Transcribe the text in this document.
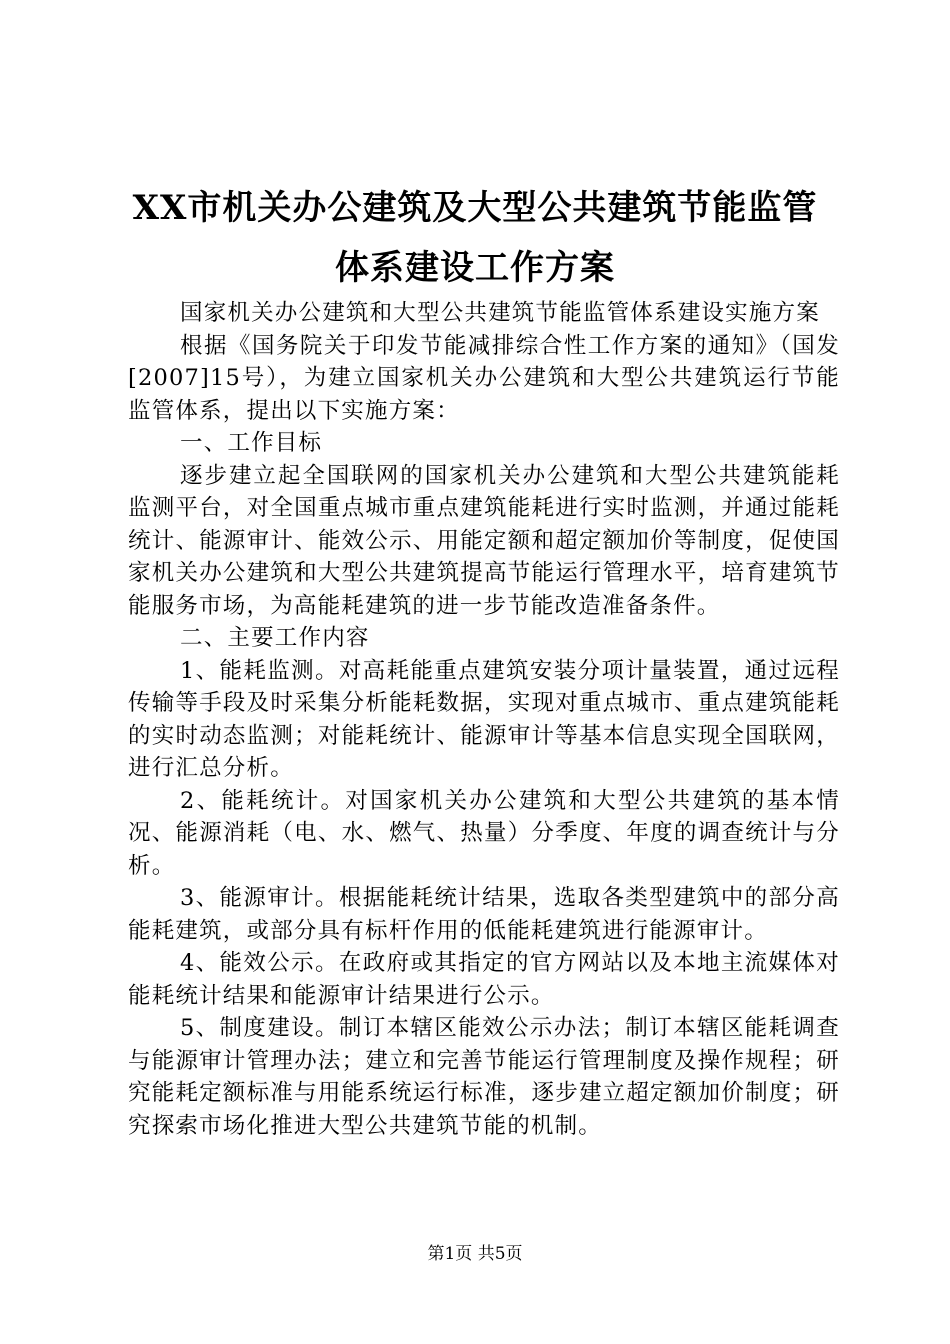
XX市机关办公建筑及大型公共建筑节能监管
体系建设工作方案

国家机关办公建筑和大型公共建筑节能监管体系建设实施方案

根据《国务院关于印发节能减排综合性工作方案的通知》（国发[2007]15号），为建立国家机关办公建筑和大型公共建筑运行节能监管体系，提出以下实施方案：

一、工作目标

逐步建立起全国联网的国家机关办公建筑和大型公共建筑能耗监测平台，对全国重点城市重点建筑能耗进行实时监测，并通过能耗统计、能源审计、能效公示、用能定额和超定额加价等制度，促使国家机关办公建筑和大型公共建筑提高节能运行管理水平，培育建筑节能服务市场，为高能耗建筑的进一步节能改造准备条件。

二、主要工作内容

1、能耗监测。对高耗能重点建筑安装分项计量装置，通过远程传输等手段及时采集分析能耗数据，实现对重点城市、重点建筑能耗的实时动态监测；对能耗统计、能源审计等基本信息实现全国联网，进行汇总分析。

2、能耗统计。对国家机关办公建筑和大型公共建筑的基本情况、能源消耗（电、水、燃气、热量）分季度、年度的调查统计与分析。

3、能源审计。根据能耗统计结果，选取各类型建筑中的部分高能耗建筑，或部分具有标杆作用的低能耗建筑进行能源审计。

4、能效公示。在政府或其指定的官方网站以及本地主流媒体对能耗统计结果和能源审计结果进行公示。

5、制度建设。制订本辖区能效公示办法；制订本辖区能耗调查与能源审计管理办法；建立和完善节能运行管理制度及操作规程；研究能耗定额标准与用能系统运行标准，逐步建立超定额加价制度；研究探索市场化推进大型公共建筑节能的机制。

第1页 共5页
